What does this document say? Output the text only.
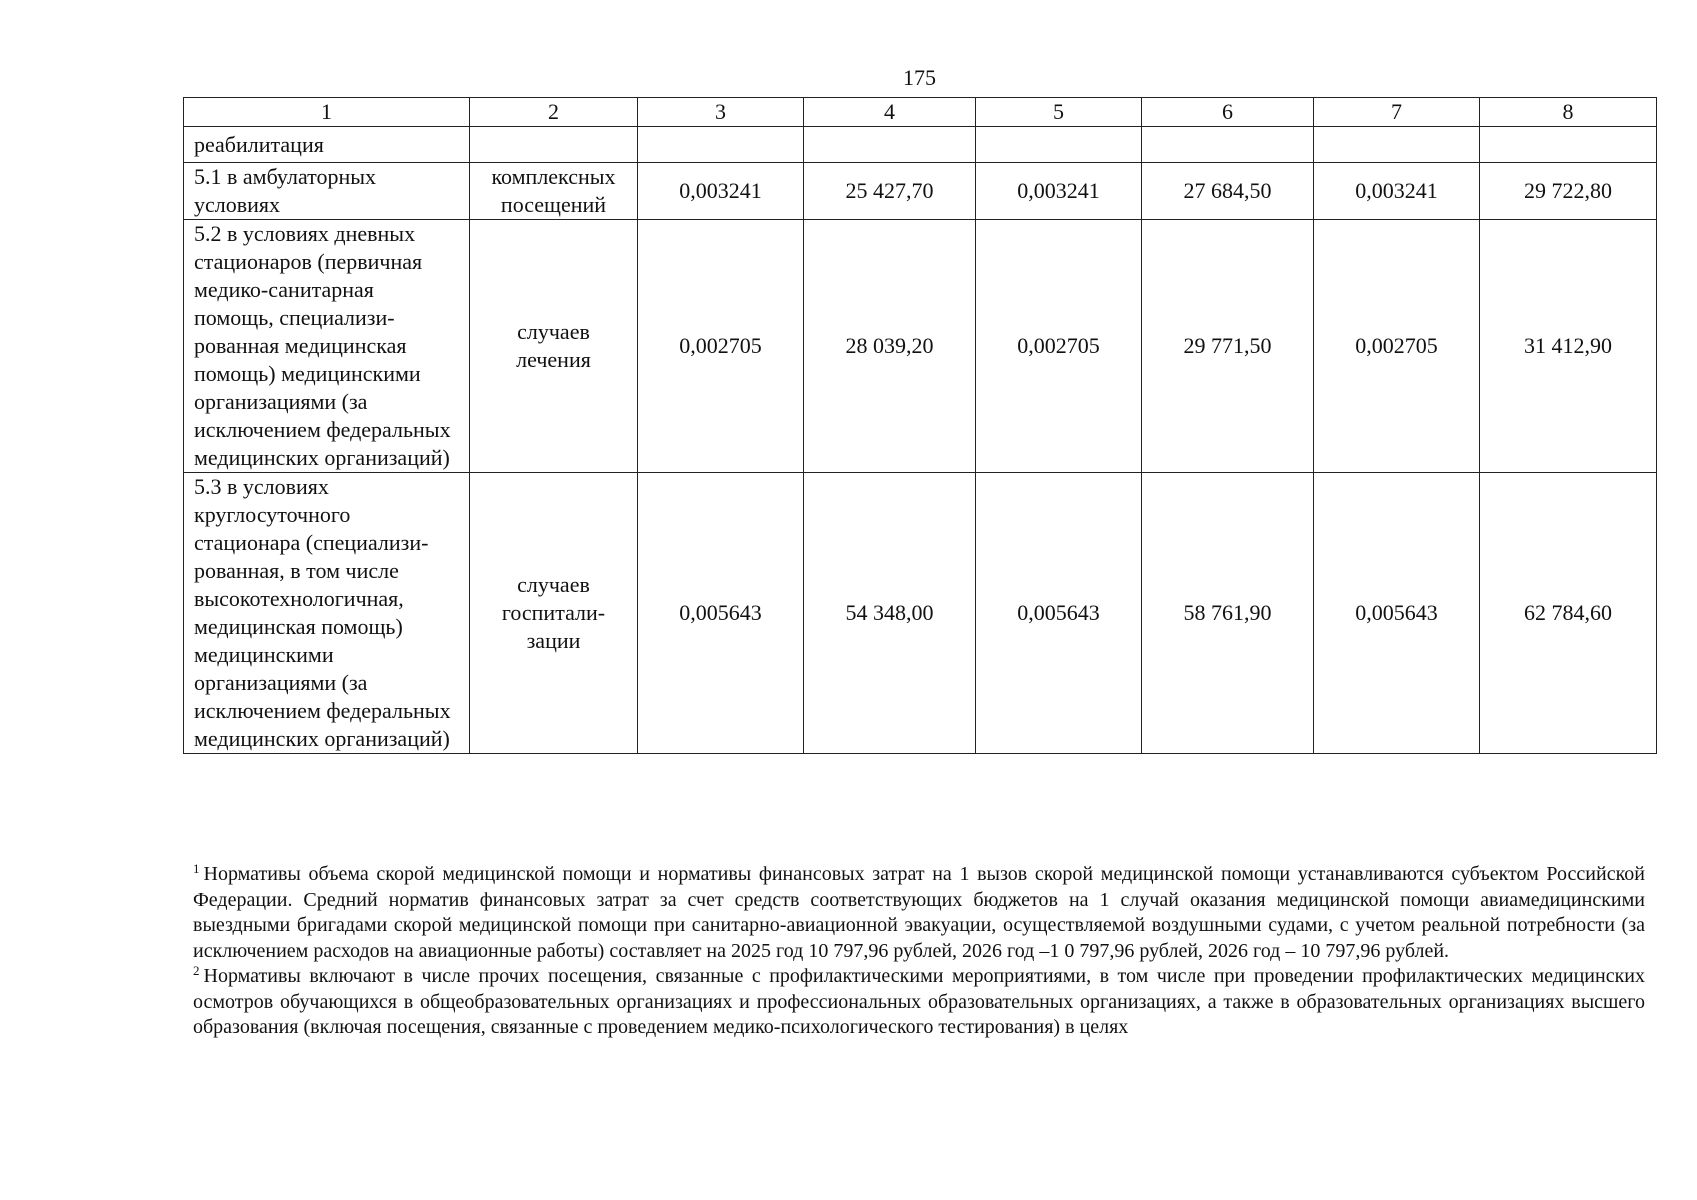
175
1	2	3	4	5	6	7	8
реабилитация							
5.1 в амбулаторных условиях	комплексных посещений	0,003241	25 427,70	0,003241	27 684,50	0,003241	29 722,80
5.2 в условиях дневных стационаров (первичная медико-санитарная помощь, специализи-рованная медицинская помощь) медицинскими организациями (за исключением федеральных медицинских организаций)	случаев лечения	0,002705	28 039,20	0,002705	29 771,50	0,002705	31 412,90
5.3 в условиях круглосуточного стационара (специализи-рованная, в том числе высокотехнологичная, медицинская помощь) медицинскими организациями (за исключением федеральных медицинских организаций)	случаев госпитали-зации	0,005643	54 348,00	0,005643	58 761,90	0,005643	62 784,60

$^1$ Нормативы объема скорой медицинской помощи и нормативы финансовых затрат на 1 вызов скорой медицинской помощи устанавливаются субъектом Российской Федерации. Средний норматив финансовых затрат за счет средств соответствующих бюджетов на 1 случай оказания медицинской помощи авиамедицинскими выездными бригадами скорой медицинской помощи при санитарно-авиационной эвакуации, осуществляемой воздушными судами, с учетом реальной потребности (за исключением расходов на авиационные работы) составляет на 2025 год 10 797,96 рублей, 2026 год –1 0 797,96 рублей, 2026 год – 10 797,96 рублей.

$^2$ Нормативы включают в числе прочих посещения, связанные с профилактическими мероприятиями, в том числе при проведении профилактических медицинских осмотров обучающихся в общеобразовательных организациях и профессиональных образовательных организациях, а также в образовательных организациях высшего образования (включая посещения, связанные с проведением медико-психологического тестирования) в целях
